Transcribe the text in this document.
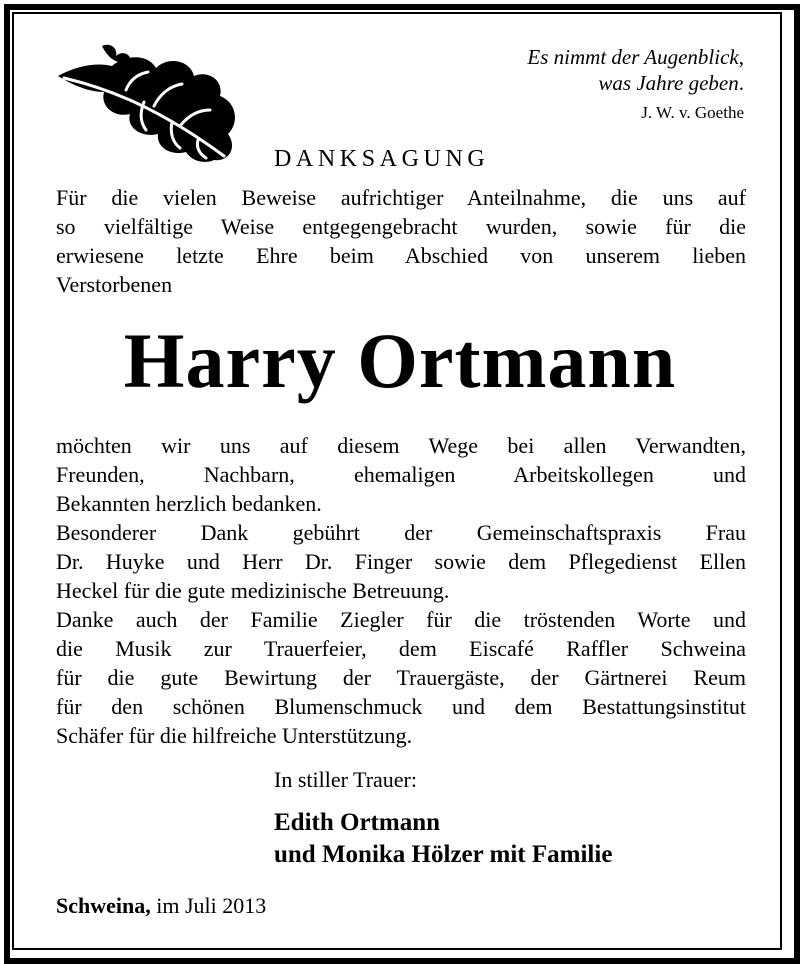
Es nimmt der Augenblick,
was Jahre geben.
J. W. v. Goethe
DANKSAGUNG
Für die vielen Beweise aufrichtiger Anteilnahme, die uns auf
so vielfältige Weise entgegengebracht wurden, sowie für die
erwiesene letzte Ehre beim Abschied von unserem lieben
Verstorbenen
Harry Ortmann
möchten wir uns auf diesem Wege bei allen Verwandten,
Freunden, Nachbarn, ehemaligen Arbeitskollegen und
Bekannten herzlich bedanken.
Besonderer Dank gebührt der Gemeinschaftspraxis Frau
Dr. Huyke und Herr Dr. Finger sowie dem Pflegedienst Ellen
Heckel für die gute medizinische Betreuung.
Danke auch der Familie Ziegler für die tröstenden Worte und
die Musik zur Trauerfeier, dem Eiscafé Raffler Schweina
für die gute Bewirtung der Trauergäste, der Gärtnerei Reum
für den schönen Blumenschmuck und dem Bestattungsinstitut
Schäfer für die hilfreiche Unterstützung.
In stiller Trauer:
Edith Ortmann
und Monika Hölzer mit Familie
Schweina, im Juli 2013
